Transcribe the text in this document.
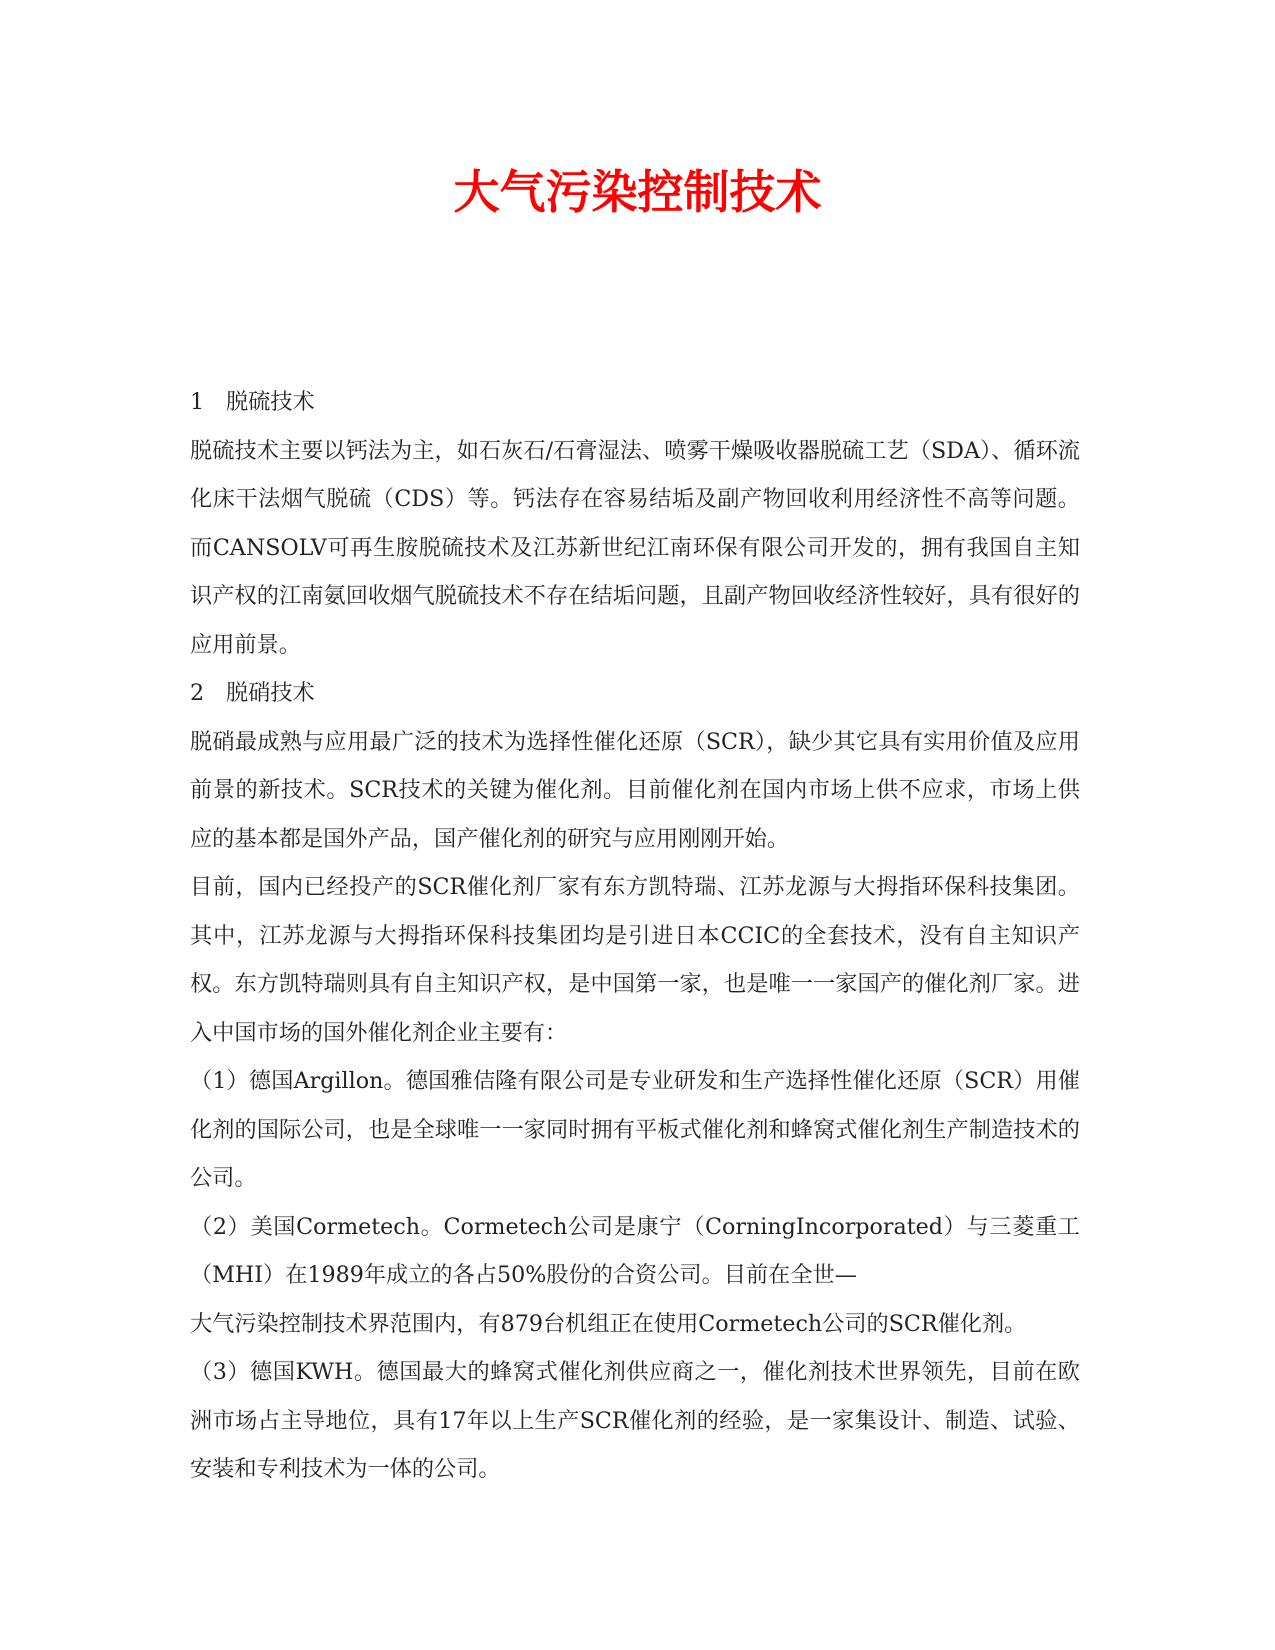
大气污染控制技术

1 脱硫技术

脱硫技术主要以钙法为主，如石灰石/石膏湿法、喷雾干燥吸收器脱硫工艺（SDA）、循环流化床干法烟气脱硫（CDS）等。钙法存在容易结垢及副产物回收利用经济性不高等问题。而CANSOLV可再生胺脱硫技术及江苏新世纪江南环保有限公司开发的，拥有我国自主知识产权的江南氨回收烟气脱硫技术不存在结垢问题，且副产物回收经济性较好，具有很好的应用前景。

2 脱硝技术

脱硝最成熟与应用最广泛的技术为选择性催化还原（SCR），缺少其它具有实用价值及应用前景的新技术。SCR技术的关键为催化剂。目前催化剂在国内市场上供不应求，市场上供应的基本都是国外产品，国产催化剂的研究与应用刚刚开始。

目前，国内已经投产的SCR催化剂厂家有东方凯特瑞、江苏龙源与大拇指环保科技集团。其中，江苏龙源与大拇指环保科技集团均是引进日本CCIC的全套技术，没有自主知识产权。东方凯特瑞则具有自主知识产权，是中国第一家，也是唯一一家国产的催化剂厂家。进入中国市场的国外催化剂企业主要有：

（1）德国Argillon。德国雅佶隆有限公司是专业研发和生产选择性催化还原（SCR）用催化剂的国际公司，也是全球唯一一家同时拥有平板式催化剂和蜂窝式催化剂生产制造技术的公司。

（2）美国Cormetech。Cormetech公司是康宁（CorningIncorporated）与三菱重工（MHI）在1989年成立的各占50%股份的合资公司。目前在全世—

大气污染控制技术界范围内，有879台机组正在使用Cormetech公司的SCR催化剂。

（3）德国KWH。德国最大的蜂窝式催化剂供应商之一，催化剂技术世界领先，目前在欧洲市场占主导地位，具有17年以上生产SCR催化剂的经验，是一家集设计、制造、试验、安装和专利技术为一体的公司。
